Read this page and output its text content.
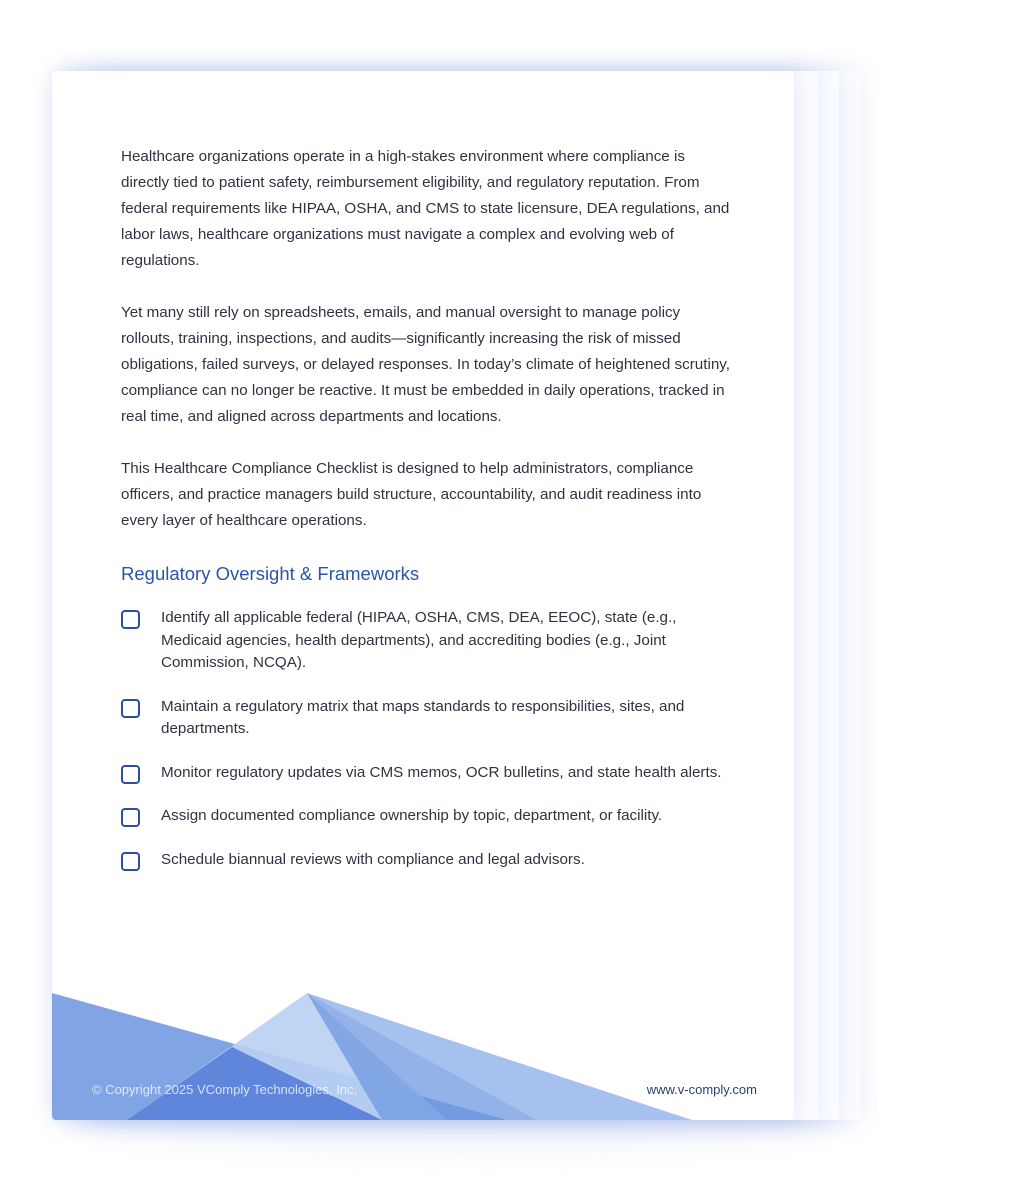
Healthcare organizations operate in a high-stakes environment where compliance is directly tied to patient safety, reimbursement eligibility, and regulatory reputation. From federal requirements like HIPAA, OSHA, and CMS to state licensure, DEA regulations, and labor laws, healthcare organizations must navigate a complex and evolving web of regulations.

Yet many still rely on spreadsheets, emails, and manual oversight to manage policy rollouts, training, inspections, and audits—significantly increasing the risk of missed obligations, failed surveys, or delayed responses. In today’s climate of heightened scrutiny, compliance can no longer be reactive. It must be embedded in daily operations, tracked in real time, and aligned across departments and locations.

This Healthcare Compliance Checklist is designed to help administrators, compliance officers, and practice managers build structure, accountability, and audit readiness into every layer of healthcare operations.

Regulatory Oversight & Frameworks
Identify all applicable federal (HIPAA, OSHA, CMS, DEA, EEOC), state (e.g., Medicaid agencies, health departments), and accrediting bodies (e.g., Joint Commission, NCQA).
Maintain a regulatory matrix that maps standards to responsibilities, sites, and departments.
Monitor regulatory updates via CMS memos, OCR bulletins, and state health alerts.
Assign documented compliance ownership by topic, department, or facility.
Schedule biannual reviews with compliance and legal advisors.
© Copyright 2025 VComply Technologies, Inc.	www.v-comply.com
